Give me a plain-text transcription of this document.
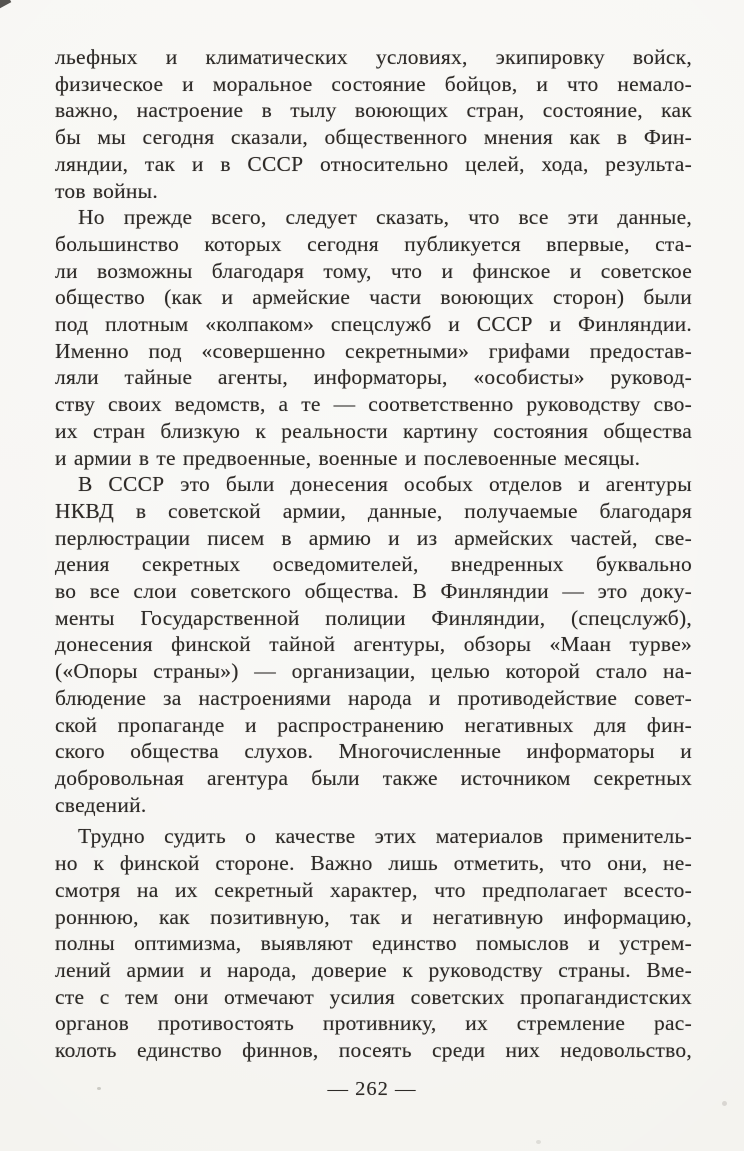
льефных и климатических условиях, экипировку войск,
физическое и моральное состояние бойцов, и что немало-
важно, настроение в тылу воюющих стран, состояние, как
бы мы сегодня сказали, общественного мнения как в Фин-
ляндии, так и в СССР относительно целей, хода, результа-
тов войны.
Но прежде всего, следует сказать, что все эти данные,
большинство которых сегодня публикуется впервые, ста-
ли возможны благодаря тому, что и финское и советское
общество (как и армейские части воюющих сторон) были
под плотным «колпаком» спецслужб и СССР и Финляндии.
Именно под «совершенно секретными» грифами предостав-
ляли тайные агенты, информаторы, «особисты» руковод-
ству своих ведомств, а те — соответственно руководству сво-
их стран близкую к реальности картину состояния общества
и армии в те предвоенные, военные и послевоенные месяцы.
В СССР это были донесения особых отделов и агентуры
НКВД в советской армии, данные, получаемые благодаря
перлюстрации писем в армию и из армейских частей, све-
дения секретных осведомителей, внедренных буквально
во все слои советского общества. В Финляндии — это доку-
менты Государственной полиции Финляндии, (спецслужб),
донесения финской тайной агентуры, обзоры «Маан турве»
(«Опоры страны») — организации, целью которой стало на-
блюдение за настроениями народа и противодействие совет-
ской пропаганде и распространению негативных для фин-
ского общества слухов. Многочисленные информаторы и
добровольная агентура были также источником секретных
сведений.
Трудно судить о качестве этих материалов применитель-
но к финской стороне. Важно лишь отметить, что они, не-
смотря на их секретный характер, что предполагает всесто-
роннюю, как позитивную, так и негативную информацию,
полны оптимизма, выявляют единство помыслов и устрем-
лений армии и народа, доверие к руководству страны. Вме-
сте с тем они отмечают усилия советских пропагандистских
органов противостоять противнику, их стремление рас-
колоть единство финнов, посеять среди них недовольство,
— 262 —
